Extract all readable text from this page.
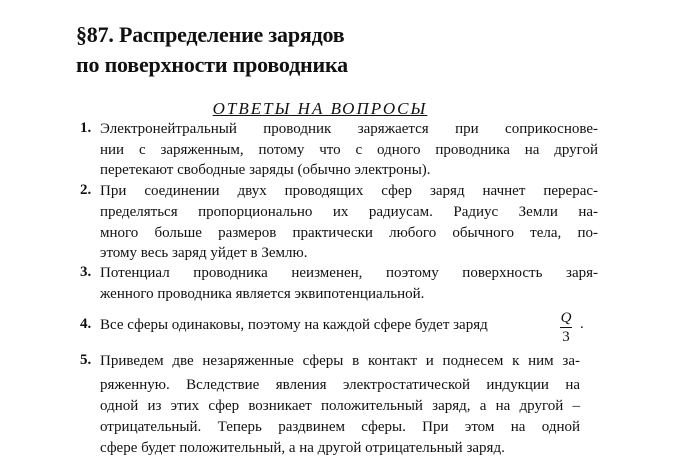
§87. Распределение зарядов
по поверхности проводника
ОТВЕТЫ НА ВОПРОСЫ
1. Электронейтральный проводник заряжается при соприкоснове-
нии с заряженным, потому что с одного проводника на другой
перетекают свободные заряды (обычно электроны).
2. При соединении двух проводящих сфер заряд начнет перерас-
пределяться пропорционально их радиусам. Радиус Земли на-
много больше размеров практически любого обычного тела, по-
этому весь заряд уйдет в Землю.
3. Потенциал проводника неизменен, поэтому поверхность заря-
женного проводника является эквипотенциальной.
4. Все сферы одинаковы, поэтому на каждой сфере будет заряд	Q
3
.
5. Приведем две незаряженные сферы в контакт и поднесем к ним за-
ряженную. Вследствие явления электростатической индукции на
одной из этих сфер возникает положительный заряд, а на другой –
отрицательный. Теперь раздвинем сферы. При этом на одной
сфере будет положительный, а на другой отрицательный заряд.
